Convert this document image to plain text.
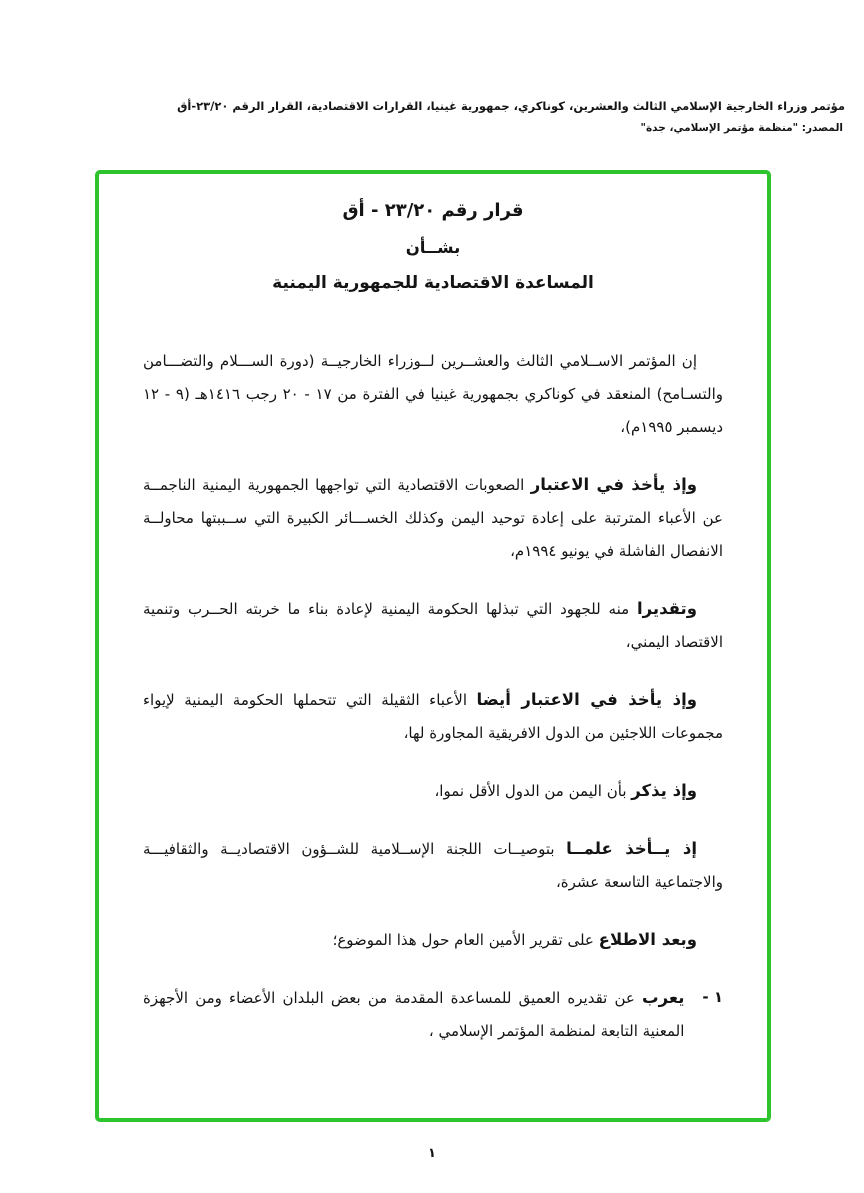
مؤتمر وزراء الخارجية الإسلامي الثالث والعشرين، كوناكري، جمهورية غينيا، القرارات الاقتصادية، القرار الرقم ٢٣/٢٠-أق
المصدر: "منظمة مؤتمر الإسلامي، جدة"
قرار رقم ٢٣/٢٠ - أق
بشــأن
المساعدة الاقتصادية للجمهورية اليمنية

إن المؤتمر الاســلامي الثالث والعشــرين لــوزراء الخارجيــة (دورة الســـلام والتضـــامن والتسـامح) المنعقد في كوناكري بجمهورية غينيا في الفترة من ١٧ - ٢٠ رجب ١٤١٦هـ (٩ - ١٢ ديسمبر ١٩٩٥م)،

وإذ يأخذ في الاعتبار الصعوبات الاقتصادية التي تواجهها الجمهورية اليمنية الناجمــة عن الأعباء المترتبة على إعادة توحيد اليمن وكذلك الخســـائر الكبيرة التي ســببتها محاولــة الانفصال الفاشلة في يونيو ١٩٩٤م،

وتقديرا منه للجهود التي تبذلها الحكومة اليمنية لإعادة بناء ما خربته الحــرب وتنمية الاقتصاد اليمني،

وإذ يأخذ في الاعتبار أيضا الأعباء الثقيلة التي تتحملها الحكومة اليمنية لإيواء مجموعات اللاجئين من الدول الافريقية المجاورة لها،

وإذ يذكر بأن اليمن من الدول الأقل نموا،

إذ يــأخذ علمــا بتوصيــات اللجنة الإســلامية للشــؤون الاقتصاديــة والثقافيـــة والاجتماعية التاسعة عشرة،

وبعد الاطلاع على تقرير الأمين العام حول هذا الموضوع؛

١ -

يعرب عن تقديره العميق للمساعدة المقدمة من بعض البلدان الأعضاء ومن الأجهزة المعنية التابعة لمنظمة المؤتمر الإسلامي ،

١
